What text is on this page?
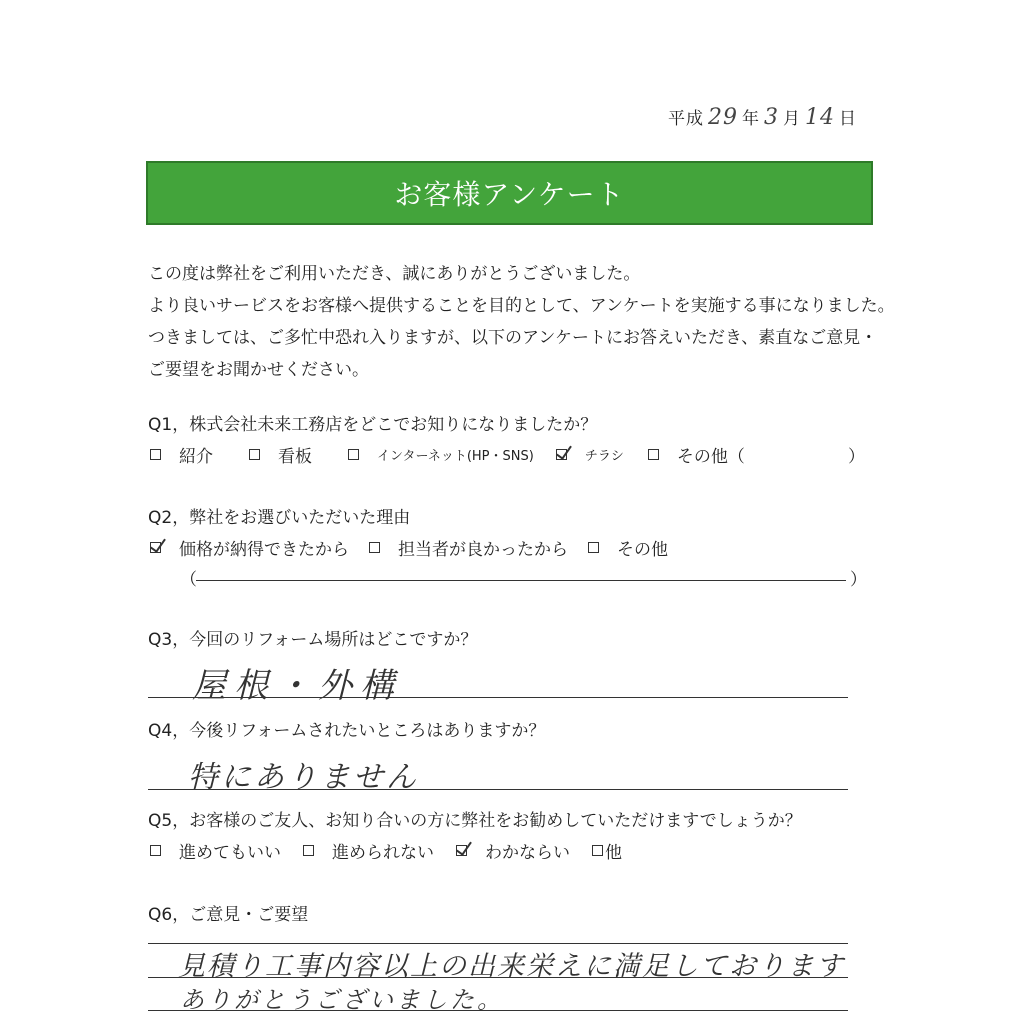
平成 29 年 3 月 14 日
お客様アンケート
この度は弊社をご利用いただき、誠にありがとうございました。
より良いサービスをお客様へ提供することを目的として、アンケートを実施する事になりました。
つきましては、ご多忙中恐れ入りますが、以下のアンケートにお答えいただき、素直なご意見・
ご要望をお聞かせください。
Q1，株式会社未来工務店をどこでお知りになりましたか？
紹介	看板	インターネット(HP・SNS)	チラシ	その他（	）
Q2，弊社をお選びいただいた理由
価格が納得できたから	担当者が良かったから	その他
（	）
Q3，今回のリフォーム場所はどこですか？
屋根・外構
Q4，今後リフォームされたいところはありますか？
特にありません
Q5，お客様のご友人、お知り合いの方に弊社をお勧めしていただけますでしょうか？
進めてもいい	進められない	わかならい 他
Q6，ご意見・ご要望
見積り工事内容以上の出来栄えに満足しております
ありがとうございました。
